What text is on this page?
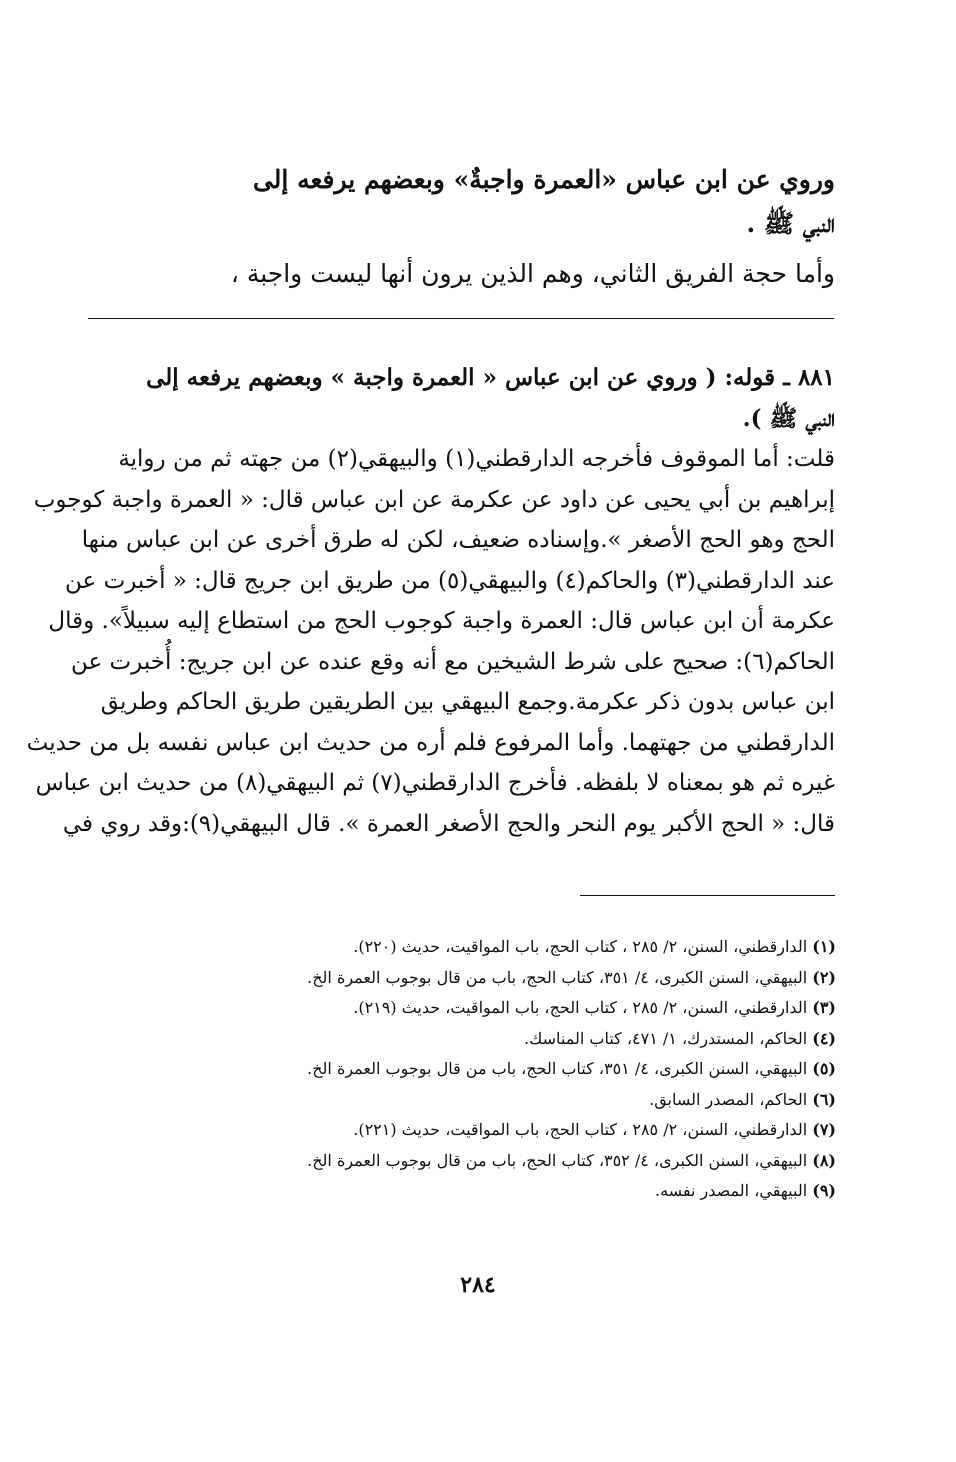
وروي عن ابن عباس «العمرة واجبةٌ» وبعضهم يرفعه إلى
النبي ﷺ .
وأما حجة الفريق الثاني، وهم الذين يرون أنها ليست واجبة ،
٨٨١ ـ قوله: ( وروي عن ابن عباس « العمرة واجبة » وبعضهم يرفعه إلى
النبي ﷺ ).
قلت: أما الموقوف فأخرجه الدارقطني(١) والبيهقي(٢) من جهته ثم من رواية
إبراهيم بن أبي يحيى عن داود عن عكرمة عن ابن عباس قال: « العمرة واجبة كوجوب
الحج وهو الحج الأصغر ».وإسناده ضعيف، لكن له طرق أخرى عن ابن عباس منها
عند الدارقطني(٣) والحاكم(٤) والبيهقي(٥) من طريق ابن جريج قال: « أخبرت عن
عكرمة أن ابن عباس قال: العمرة واجبة كوجوب الحج من استطاع إليه سبيلاً». وقال
الحاكم(٦): صحيح على شرط الشيخين مع أنه وقع عنده عن ابن جريج: أُخبرت عن
ابن عباس بدون ذكر عكرمة.وجمع البيهقي بين الطريقين طريق الحاكم وطريق
الدارقطني من جهتهما. وأما المرفوع فلم أره من حديث ابن عباس نفسه بل من حديث
غيره ثم هو بمعناه لا بلفظه. فأخرج الدارقطني(٧) ثم البيهقي(٨) من حديث ابن عباس
قال: « الحج الأكبر يوم النحر والحج الأصغر العمرة ». قال البيهقي(٩):وقد روي في
(١) الدارقطني، السنن، ٢/ ٢٨٥ ، كتاب الحج، باب المواقيت، حديث (٢٢٠).
(٢) البيهقي، السنن الكبرى، ٤/ ٣٥١، كتاب الحج، باب من قال بوجوب العمرة الخ.
(٣) الدارقطني، السنن، ٢/ ٢٨٥ ، كتاب الحج، باب المواقيت، حديث (٢١٩).
(٤) الحاكم، المستدرك، ١/ ٤٧١، كتاب المناسك.
(٥) البيهقي، السنن الكبرى، ٤/ ٣٥١، كتاب الحج، باب من قال بوجوب العمرة الخ.
(٦) الحاكم، المصدر السابق.
(٧) الدارقطني، السنن، ٢/ ٢٨٥ ، كتاب الحج، باب المواقيت، حديث (٢٢١).
(٨) البيهقي، السنن الكبرى، ٤/ ٣٥٢، كتاب الحج، باب من قال بوجوب العمرة الخ.
(٩) البيهقي، المصدر نفسه.
٢٨٤
